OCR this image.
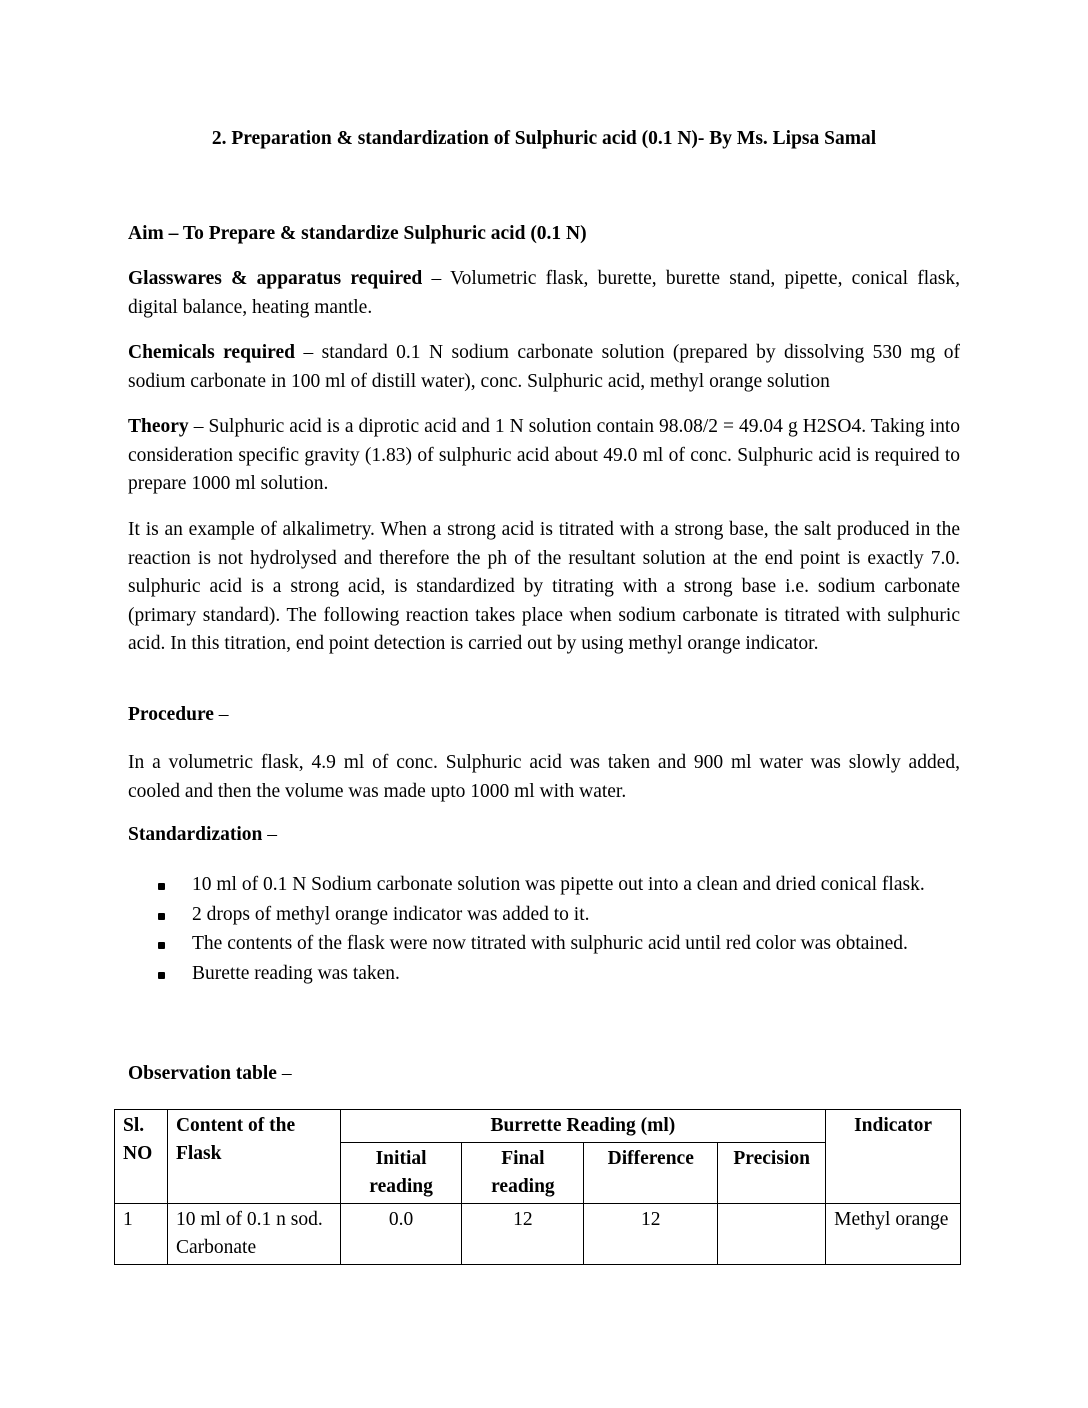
2. Preparation & standardization of Sulphuric acid (0.1 N)- By Ms. Lipsa Samal
Aim – To Prepare & standardize Sulphuric acid (0.1 N)
Glasswares & apparatus required – Volumetric flask, burette, burette stand, pipette, conical flask, digital balance, heating mantle.
Chemicals required – standard 0.1 N sodium carbonate solution (prepared by dissolving 530 mg of sodium carbonate in 100 ml of distill water), conc. Sulphuric acid, methyl orange solution
Theory – Sulphuric acid is a diprotic acid and 1 N solution contain 98.08/2 = 49.04 g H2SO4. Taking into consideration specific gravity (1.83) of sulphuric acid about 49.0 ml of conc. Sulphuric acid is required to prepare 1000 ml solution.
It is an example of alkalimetry. When a strong acid is titrated with a strong base, the salt produced in the reaction is not hydrolysed and therefore the ph of the resultant solution at the end point is exactly 7.0. sulphuric acid is a strong acid, is standardized by titrating with a strong base i.e. sodium carbonate (primary standard). The following reaction takes place when sodium carbonate is titrated with sulphuric acid. In this titration, end point detection is carried out by using methyl orange indicator.
Procedure –
In a volumetric flask, 4.9 ml of conc. Sulphuric acid was taken and 900 ml water was slowly added, cooled and then the volume was made upto 1000 ml with water.
Standardization –
10 ml of 0.1 N Sodium carbonate solution was pipette out into a clean and dried conical flask.
2 drops of methyl orange indicator was added to it.
The contents of the flask were now titrated with sulphuric acid until red color was obtained.
Burette reading was taken.
Observation table –
Sl. NO	Content of the Flask	Burrette Reading (ml)				Indicator
		Initial reading	Final reading	Difference	Precision	
1	10 ml of 0.1 n sod. Carbonate	0.0	12	12		Methyl orange
